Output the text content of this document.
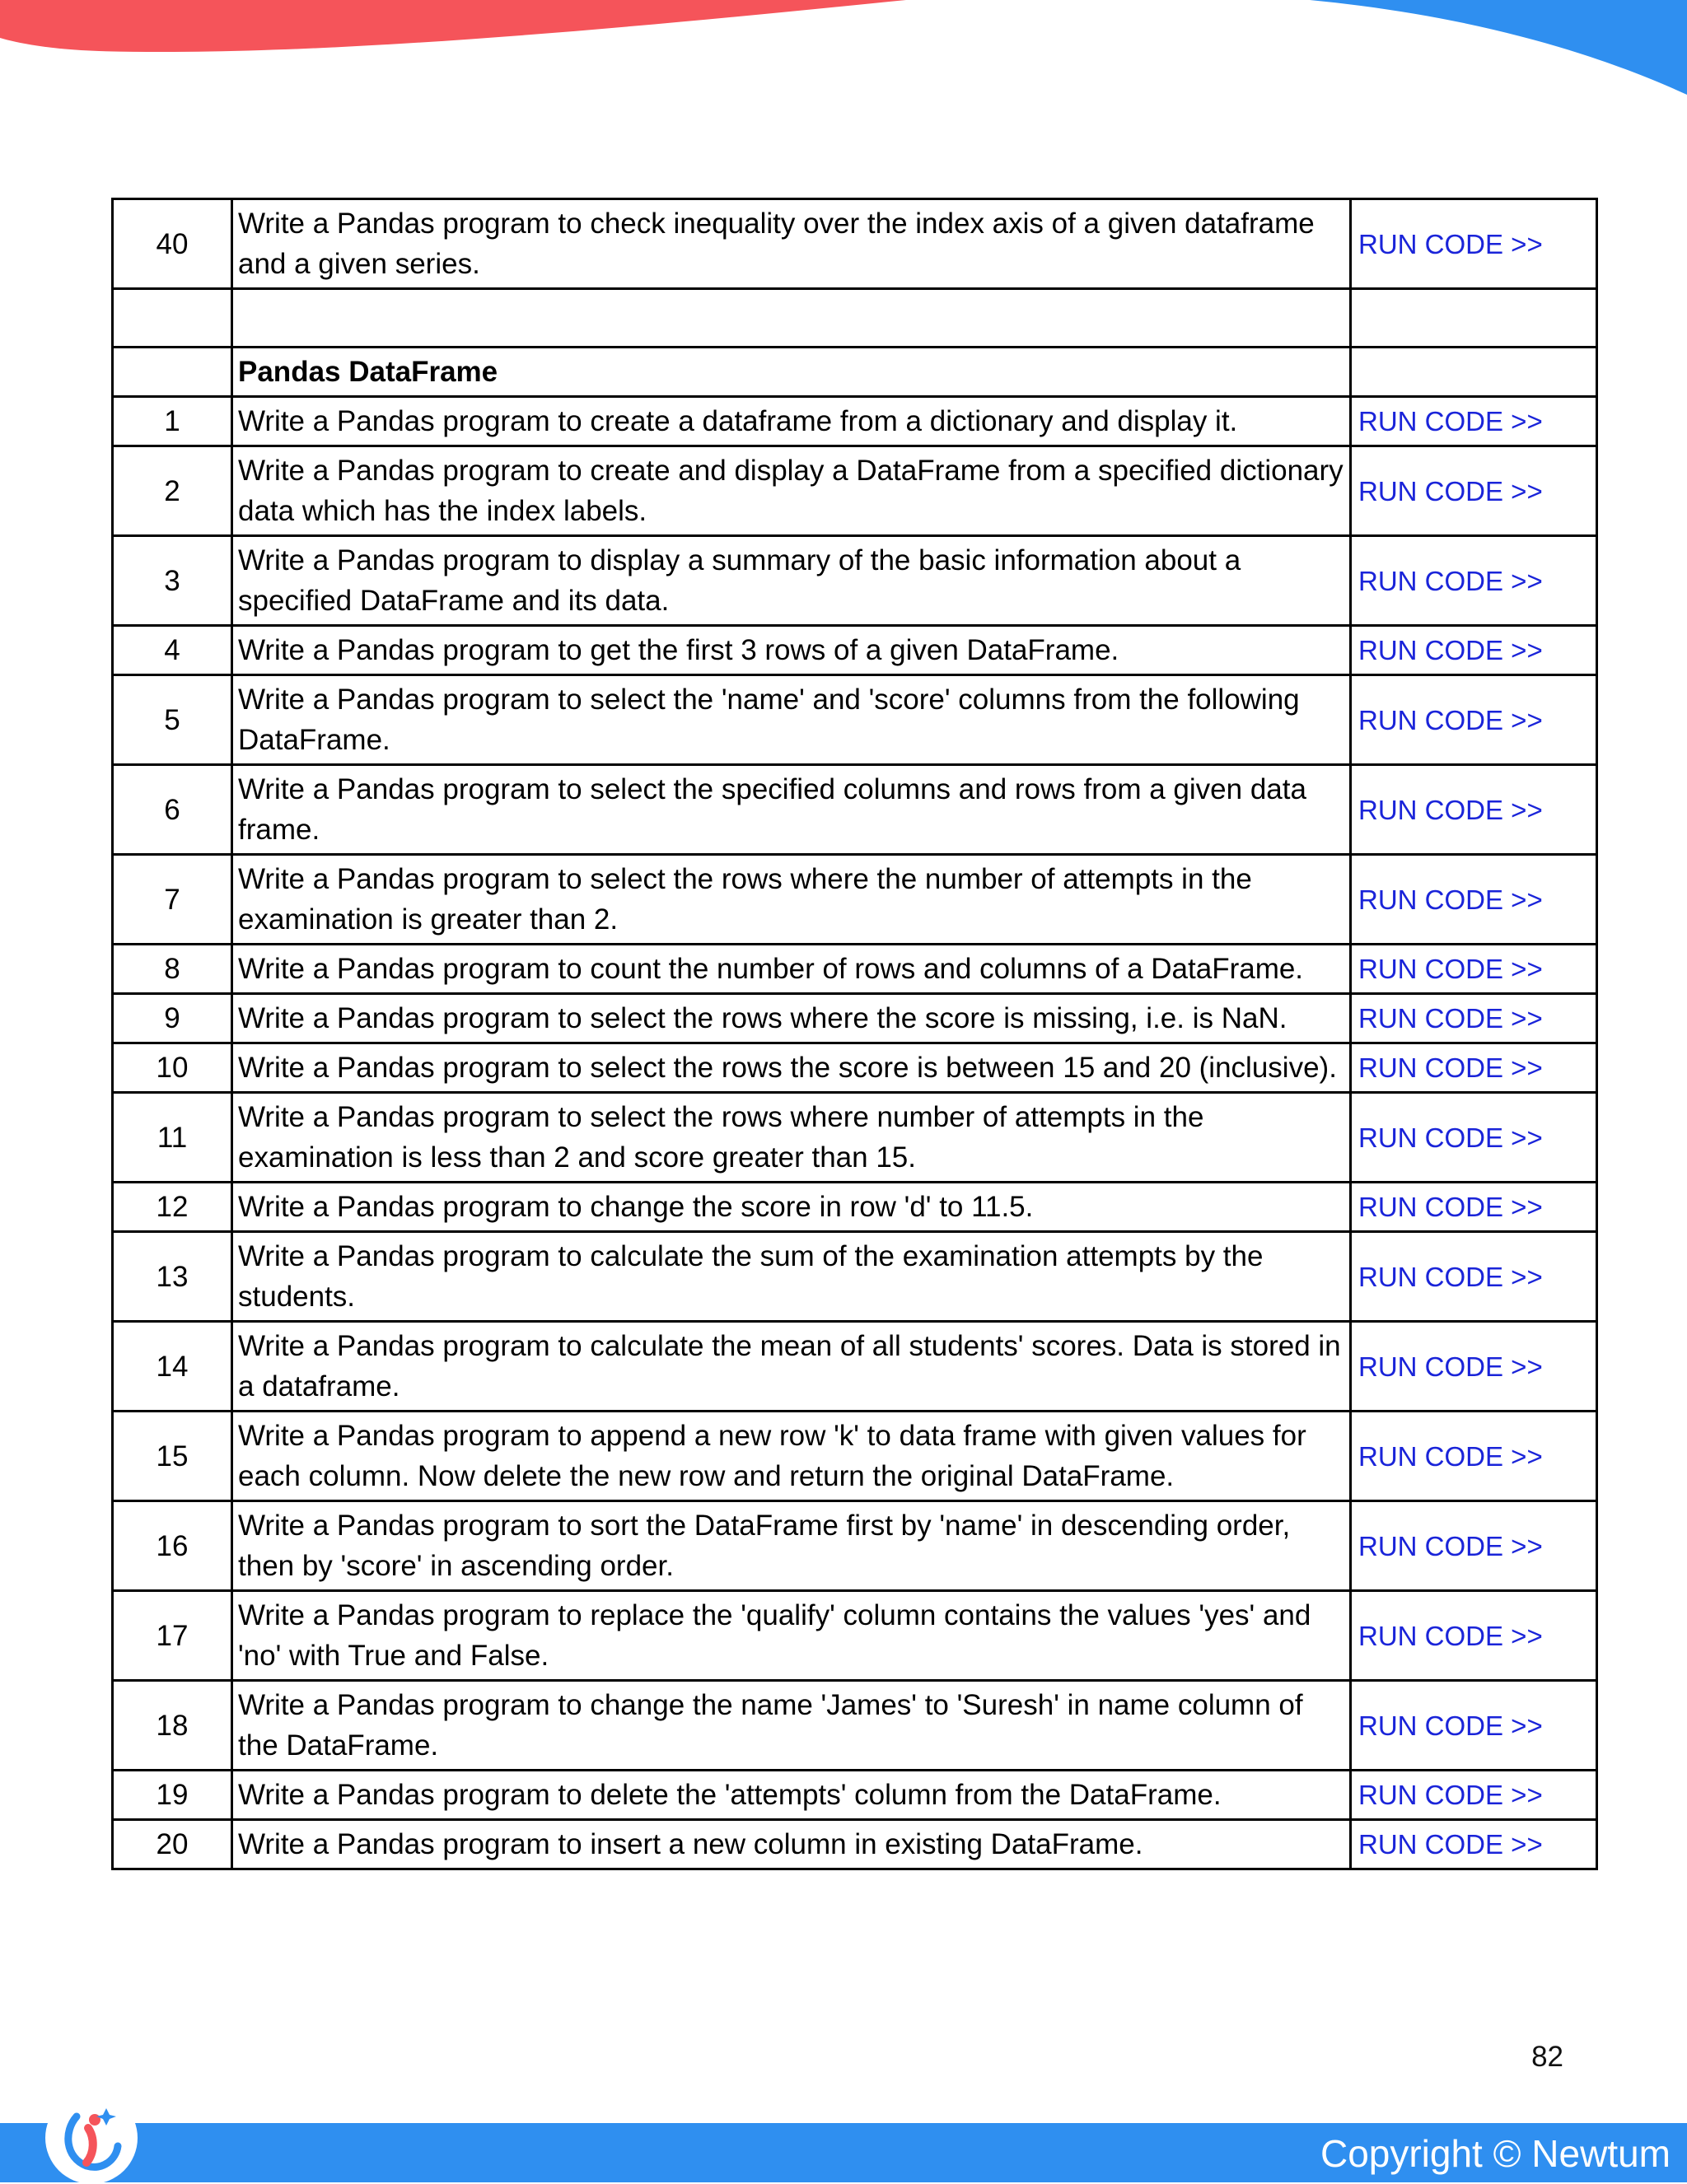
40	Write a Pandas program to check inequality over the index axis of a given dataframe and a given series.	RUN CODE >>

	Pandas DataFrame	
1	Write a Pandas program to create a dataframe from a dictionary and display it.	RUN CODE >>
2	Write a Pandas program to create and display a DataFrame from a specified dictionary data which has the index labels.	RUN CODE >>
3	Write a Pandas program to display a summary of the basic information about a specified DataFrame and its data.	RUN CODE >>
4	Write a Pandas program to get the first 3 rows of a given DataFrame.	RUN CODE >>
5	Write a Pandas program to select the 'name' and 'score' columns from the following DataFrame.	RUN CODE >>
6	Write a Pandas program to select the specified columns and rows from a given data frame.	RUN CODE >>
7	Write a Pandas program to select the rows where the number of attempts in the examination is greater than 2.	RUN CODE >>
8	Write a Pandas program to count the number of rows and columns of a DataFrame.	RUN CODE >>
9	Write a Pandas program to select the rows where the score is missing, i.e. is NaN.	RUN CODE >>
10	Write a Pandas program to select the rows the score is between 15 and 20 (inclusive).	RUN CODE >>
11	Write a Pandas program to select the rows where number of attempts in the examination is less than 2 and score greater than 15.	RUN CODE >>
12	Write a Pandas program to change the score in row 'd' to 11.5.	RUN CODE >>
13	Write a Pandas program to calculate the sum of the examination attempts by the students.	RUN CODE >>
14	Write a Pandas program to calculate the mean of all students' scores. Data is stored in a dataframe.	RUN CODE >>
15	Write a Pandas program to append a new row 'k' to data frame with given values for each column. Now delete the new row and return the original DataFrame.	RUN CODE >>
16	Write a Pandas program to sort the DataFrame first by 'name' in descending order, then by 'score' in ascending order.	RUN CODE >>
17	Write a Pandas program to replace the 'qualify' column contains the values 'yes' and 'no' with True and False.	RUN CODE >>
18	Write a Pandas program to change the name 'James' to 'Suresh' in name column of the DataFrame.	RUN CODE >>
19	Write a Pandas program to delete the 'attempts' column from the DataFrame.	RUN CODE >>
20	Write a Pandas program to insert a new column in existing DataFrame.	RUN CODE >>
82
Copyright © Newtum
